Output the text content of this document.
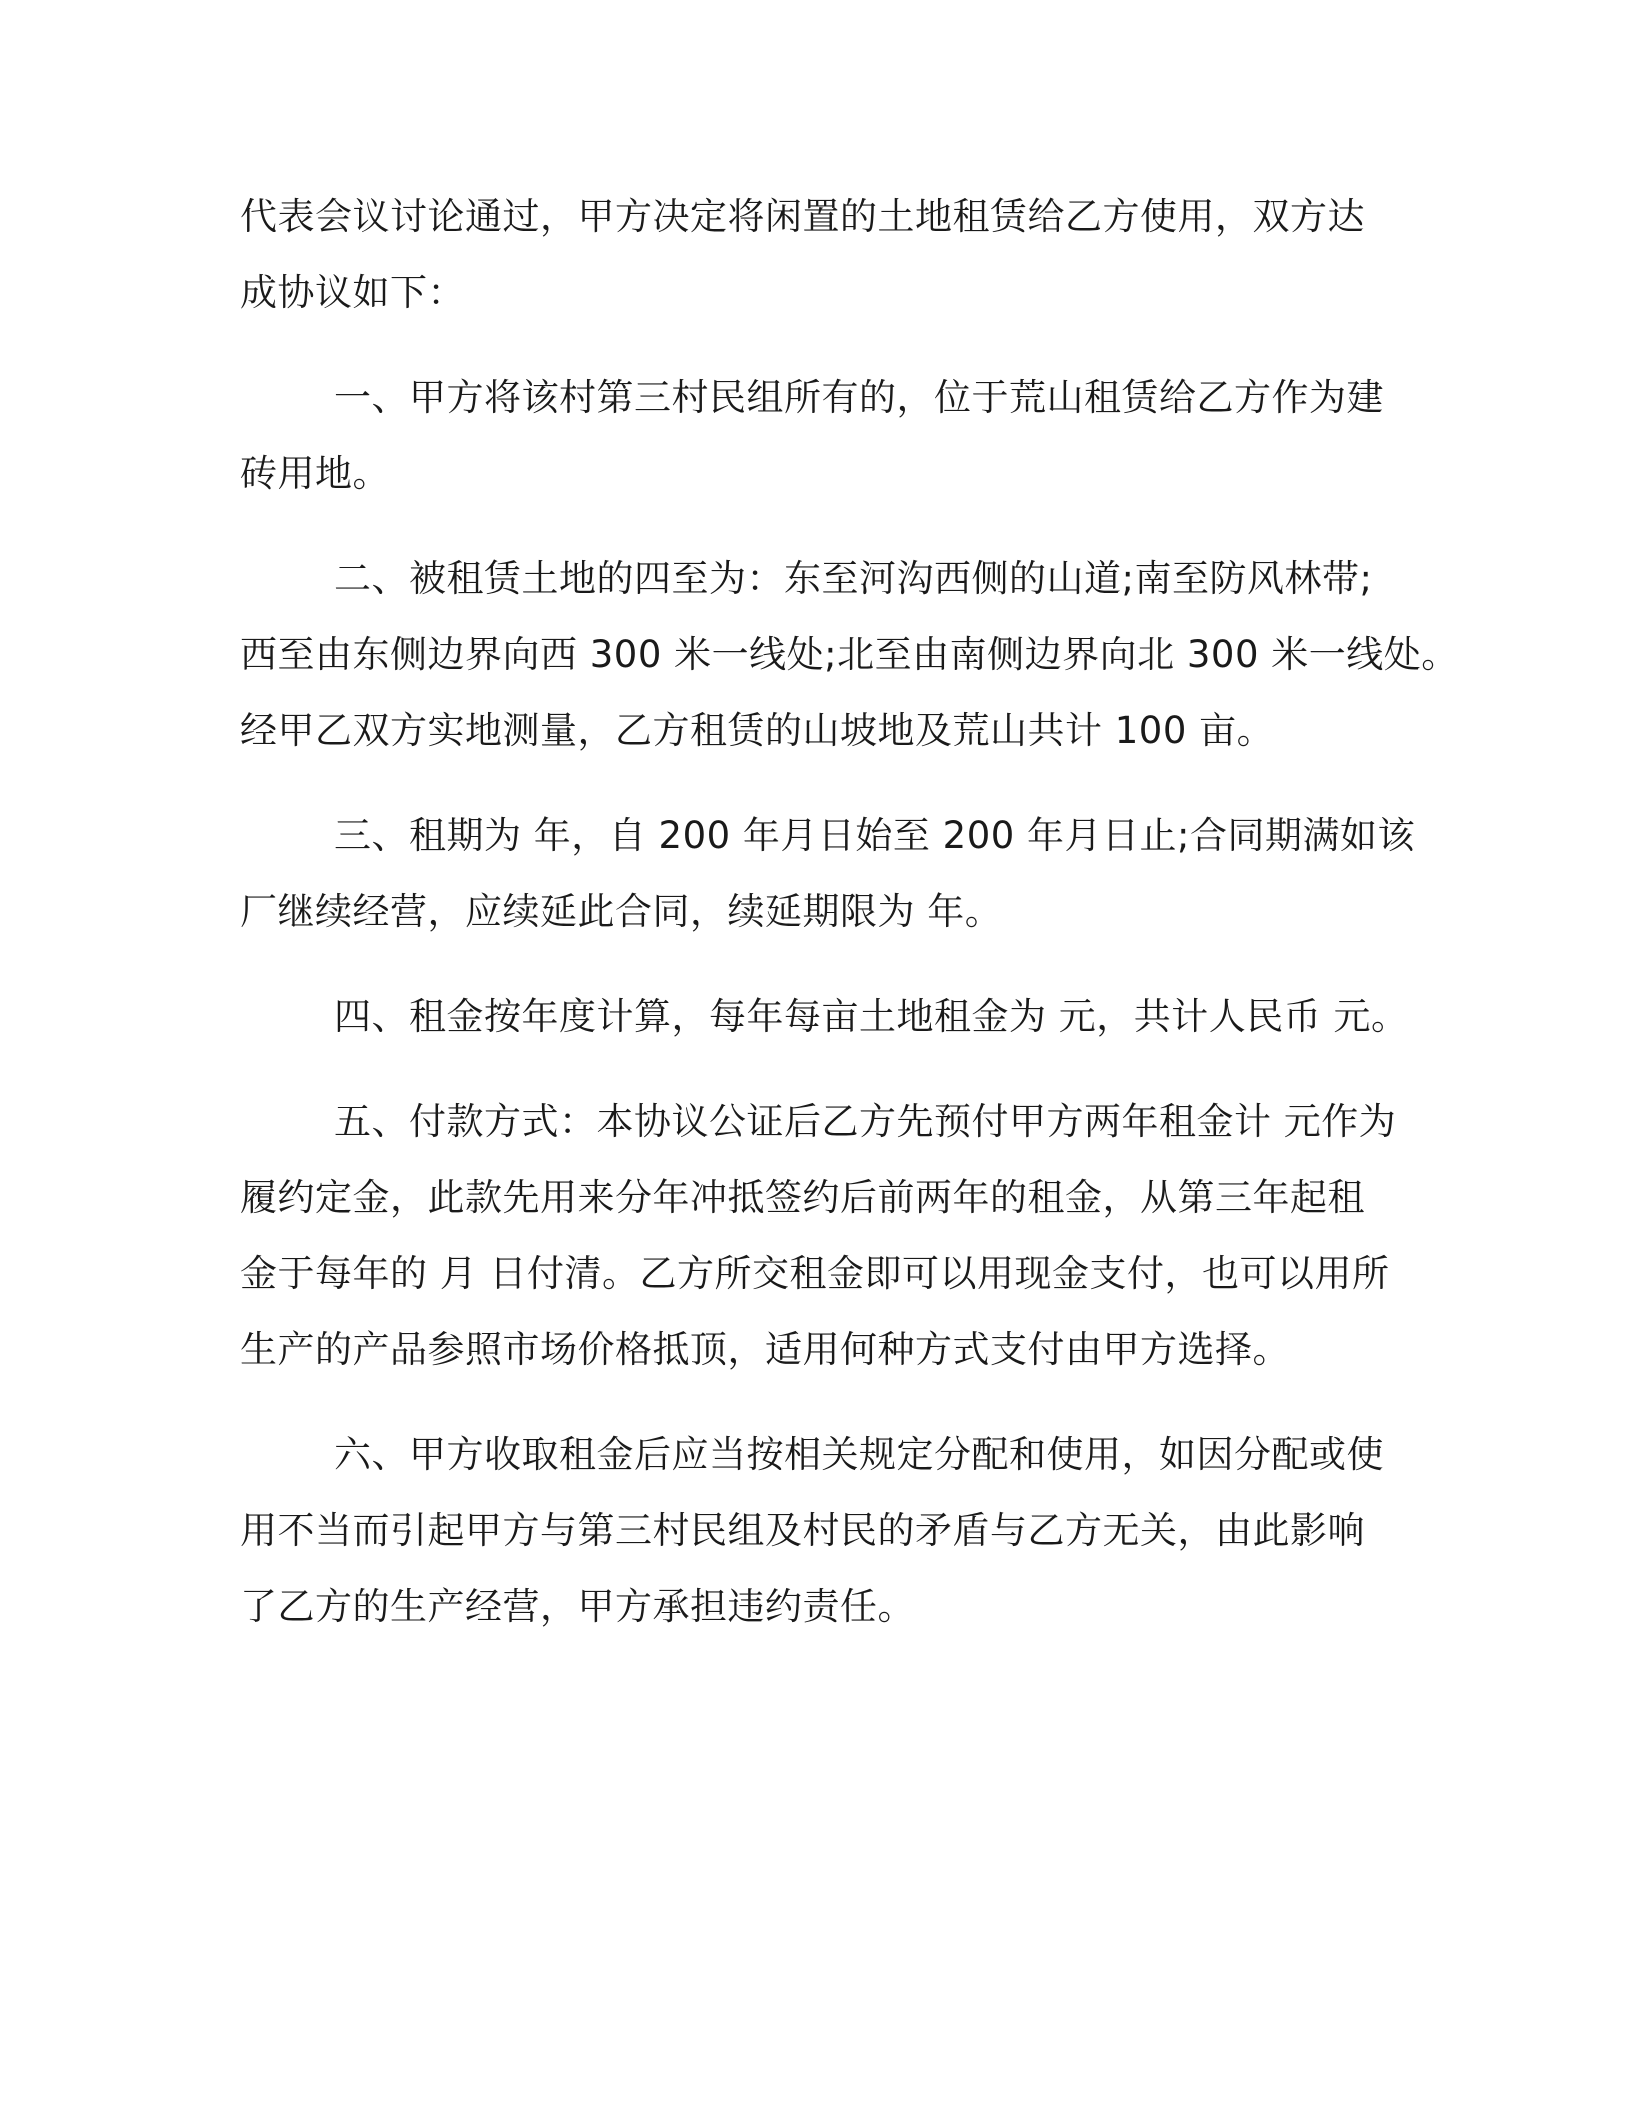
代表会议讨论通过，甲方决定将闲置的土地租赁给乙方使用，双方达
成协议如下：
一、甲方将该村第三村民组所有的，位于荒山租赁给乙方作为建
砖用地。
二、被租赁土地的四至为：东至河沟西侧的山道;南至防风林带;
西至由东侧边界向西 300 米一线处;北至由南侧边界向北 300 米一线处。
经甲乙双方实地测量，乙方租赁的山坡地及荒山共计 100 亩。
三、租期为 年，自 200 年月日始至 200 年月日止;合同期满如该
厂继续经营，应续延此合同，续延期限为 年。
四、租金按年度计算，每年每亩土地租金为 元，共计人民币 元。
五、付款方式：本协议公证后乙方先预付甲方两年租金计 元作为
履约定金，此款先用来分年冲抵签约后前两年的租金，从第三年起租
金于每年的 月 日付清。乙方所交租金即可以用现金支付，也可以用所
生产的产品参照市场价格抵顶，适用何种方式支付由甲方选择。
六、甲方收取租金后应当按相关规定分配和使用，如因分配或使
用不当而引起甲方与第三村民组及村民的矛盾与乙方无关，由此影响
了乙方的生产经营，甲方承担违约责任。
